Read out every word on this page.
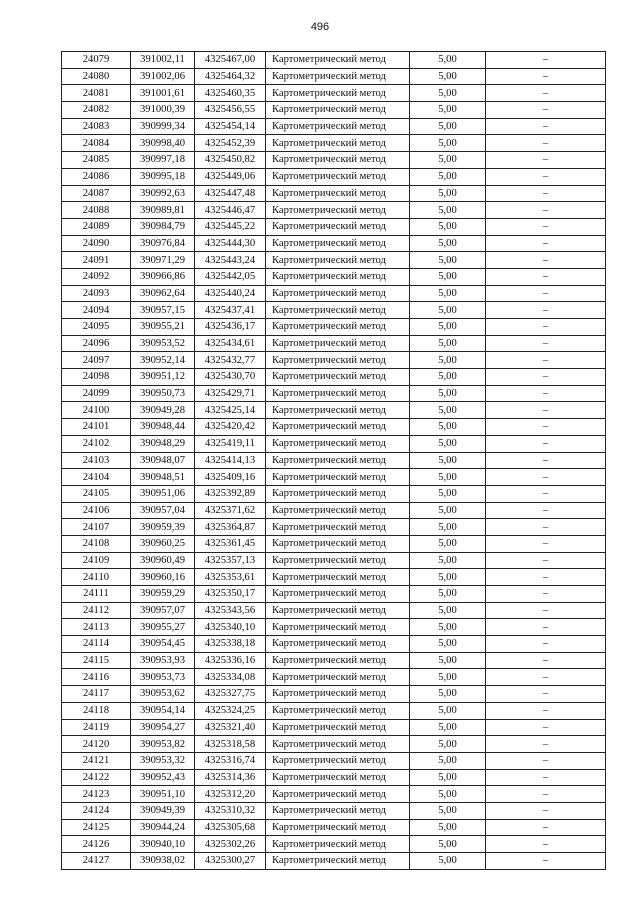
496
24079	391002,11	4325467,00	Картометрический метод	5,00	–
24080	391002,06	4325464,32	Картометрический метод	5,00	–
24081	391001,61	4325460,35	Картометрический метод	5,00	–
24082	391000,39	4325456,55	Картометрический метод	5,00	–
24083	390999,34	4325454,14	Картометрический метод	5,00	–
24084	390998,40	4325452,39	Картометрический метод	5,00	–
24085	390997,18	4325450,82	Картометрический метод	5,00	–
24086	390995,18	4325449,06	Картометрический метод	5,00	–
24087	390992,63	4325447,48	Картометрический метод	5,00	–
24088	390989,81	4325446,47	Картометрический метод	5,00	–
24089	390984,79	4325445,22	Картометрический метод	5,00	–
24090	390976,84	4325444,30	Картометрический метод	5,00	–
24091	390971,29	4325443,24	Картометрический метод	5,00	–
24092	390966,86	4325442,05	Картометрический метод	5,00	–
24093	390962,64	4325440,24	Картометрический метод	5,00	–
24094	390957,15	4325437,41	Картометрический метод	5,00	–
24095	390955,21	4325436,17	Картометрический метод	5,00	–
24096	390953,52	4325434,61	Картометрический метод	5,00	–
24097	390952,14	4325432,77	Картометрический метод	5,00	–
24098	390951,12	4325430,70	Картометрический метод	5,00	–
24099	390950,73	4325429,71	Картометрический метод	5,00	–
24100	390949,28	4325425,14	Картометрический метод	5,00	–
24101	390948,44	4325420,42	Картометрический метод	5,00	–
24102	390948,29	4325419,11	Картометрический метод	5,00	–
24103	390948,07	4325414,13	Картометрический метод	5,00	–
24104	390948,51	4325409,16	Картометрический метод	5,00	–
24105	390951,06	4325392,89	Картометрический метод	5,00	–
24106	390957,04	4325371,62	Картометрический метод	5,00	–
24107	390959,39	4325364,87	Картометрический метод	5,00	–
24108	390960,25	4325361,45	Картометрический метод	5,00	–
24109	390960,49	4325357,13	Картометрический метод	5,00	–
24110	390960,16	4325353,61	Картометрический метод	5,00	–
24111	390959,29	4325350,17	Картометрический метод	5,00	–
24112	390957,07	4325343,56	Картометрический метод	5,00	–
24113	390955,27	4325340,10	Картометрический метод	5,00	–
24114	390954,45	4325338,18	Картометрический метод	5,00	–
24115	390953,93	4325336,16	Картометрический метод	5,00	–
24116	390953,73	4325334,08	Картометрический метод	5,00	–
24117	390953,62	4325327,75	Картометрический метод	5,00	–
24118	390954,14	4325324,25	Картометрический метод	5,00	–
24119	390954,27	4325321,40	Картометрический метод	5,00	–
24120	390953,82	4325318,58	Картометрический метод	5,00	–
24121	390953,32	4325316,74	Картометрический метод	5,00	–
24122	390952,43	4325314,36	Картометрический метод	5,00	–
24123	390951,10	4325312,20	Картометрический метод	5,00	–
24124	390949,39	4325310,32	Картометрический метод	5,00	–
24125	390944,24	4325305,68	Картометрический метод	5,00	–
24126	390940,10	4325302,26	Картометрический метод	5,00	–
24127	390938,02	4325300,27	Картометрический метод	5,00	–
